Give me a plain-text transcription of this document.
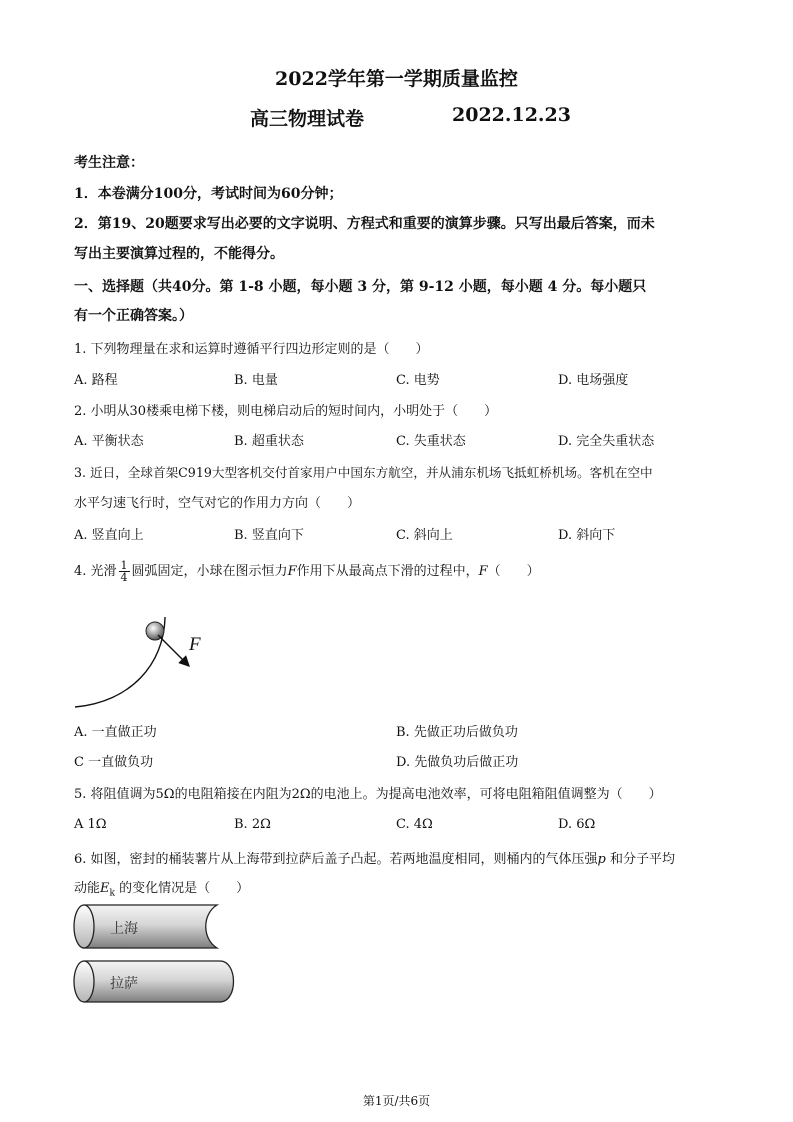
2022学年第一学期质量监控
高三物理试卷	2022.12.23
考生注意：
1．本卷满分100分，考试时间为60分钟；
2．第19、20题要求写出必要的文字说明、方程式和重要的演算步骤。只写出最后答案，而未
写出主要演算过程的，不能得分。
一、选择题（共40分。第 1-8 小题，每小题 3 分，第 9-12 小题，每小题 4 分。每小题只
有一个正确答案。）
1. 下列物理量在求和运算时遵循平行四边形定则的是（　　）
A. 路程	B. 电量	C. 电势	D. 电场强度
2. 小明从30楼乘电梯下楼，则电梯启动后的短时间内，小明处于（　　）
A. 平衡状态	B. 超重状态	C. 失重状态	D. 完全失重状态
3. 近日，全球首架C919大型客机交付首家用户中国东方航空，并从浦东机场飞抵虹桥机场。客机在空中
水平匀速飞行时，空气对它的作用力方向（　　）
A. 竖直向上	B. 竖直向下	C. 斜向上	D. 斜向下
4. 光滑 $\frac{1}{4}$ 圆弧固定，小球在图示恒力F作用下从最高点下滑的过程中，F（　　）
F
A. 一直做正功	B. 先做正功后做负功
C 一直做负功	D. 先做负功后做正功
5. 将阻值调为5Ω的电阻箱接在内阻为2Ω的电池上。为提高电池效率，可将电阻箱阻值调整为（　　）
A 1Ω	B. 2Ω	C. 4Ω	D. 6Ω
6. 如图，密封的桶装薯片从上海带到拉萨后盖子凸起。若两地温度相同，则桶内的气体压强p 和分子平均
动能$E_k$ 的变化情况是（　　）
上海
拉萨
第1页/共6页
